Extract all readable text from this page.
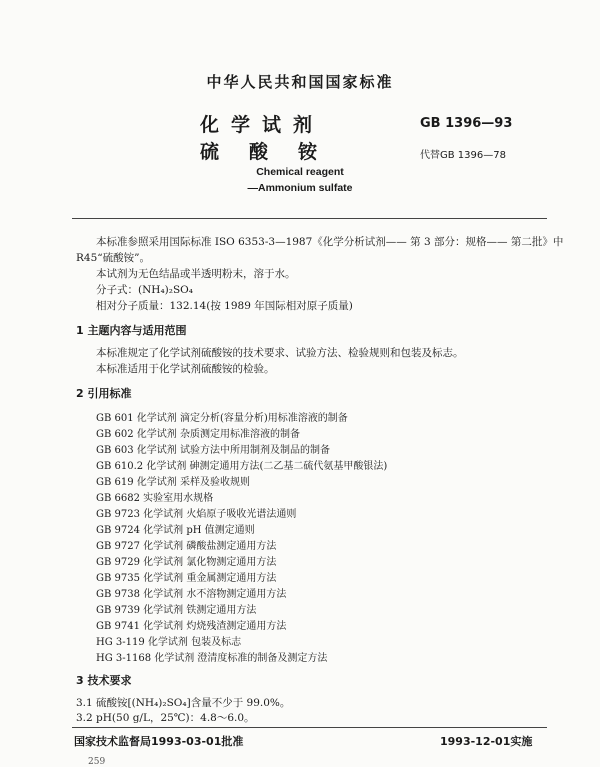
中华人民共和国国家标准
化学试剂
硫酸铵
GB 1396—93
代替GB 1396—78
Chemical reagent
—Ammonium sulfate
本标准参照采用国际标准 ISO 6353-3—1987《化学分析试剂—— 第 3 部分：规格—— 第二批》中
R45“硫酸铵”。
本试剂为无色结晶或半透明粉末，溶于水。
分子式：(NH₄)₂SO₄
相对分子质量：132.14(按 1989 年国际相对原子质量)
1 主题内容与适用范围
本标准规定了化学试剂硫酸铵的技术要求、试验方法、检验规则和包装及标志。
本标准适用于化学试剂硫酸铵的检验。
2 引用标准
GB 601 化学试剂 滴定分析(容量分析)用标准溶液的制备
GB 602 化学试剂 杂质测定用标准溶液的制备
GB 603 化学试剂 试验方法中所用制剂及制品的制备
GB 610.2 化学试剂 砷测定通用方法(二乙基二硫代氨基甲酸银法)
GB 619 化学试剂 采样及验收规则
GB 6682 实验室用水规格
GB 9723 化学试剂 火焰原子吸收光谱法通则
GB 9724 化学试剂 pH 值测定通则
GB 9727 化学试剂 磷酸盐测定通用方法
GB 9729 化学试剂 氯化物测定通用方法
GB 9735 化学试剂 重金属测定通用方法
GB 9738 化学试剂 水不溶物测定通用方法
GB 9739 化学试剂 铁测定通用方法
GB 9741 化学试剂 灼烧残渣测定通用方法
HG 3-119 化学试剂 包装及标志
HG 3-1168 化学试剂 澄清度标准的制备及测定方法
3 技术要求
3.1 硫酸铵[(NH₄)₂SO₄]含量不少于 99.0%。
3.2 pH(50 g/L，25℃)：4.8～6.0。
国家技术监督局1993-03-01批准	1993-12-01实施
259
